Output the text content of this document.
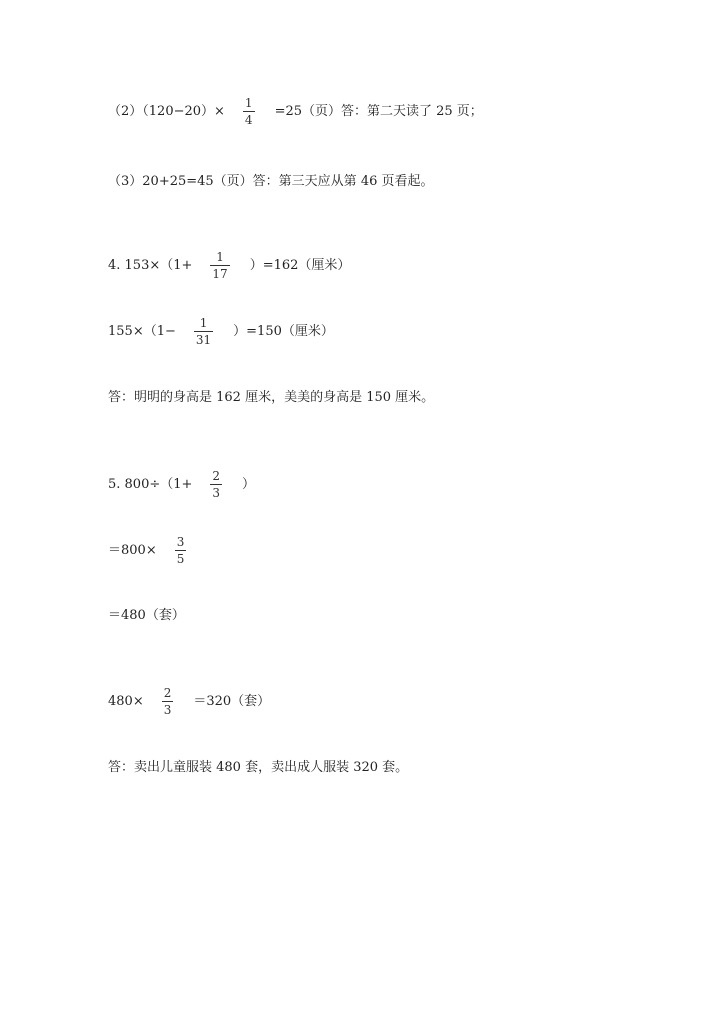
$(2)(120-20)\times \frac{1}{4} =25$（页）答：第二天读了 25 页；
（3）20+25=45（页）答：第三天应从第 46 页看起。
4. $153\times(1+ \frac{1}{17} )=162$（厘米）
$155\times(1- \frac{1}{31} )=150$（厘米）
答：明明的身高是 162 厘米，美美的身高是 150 厘米。
5. $800\div(1+ \frac{2}{3}$ ）
$=800\times \frac{3}{5}$
＝480（套）
$480\times \frac{2}{3} =320$（套）
答：卖出儿童服装 480 套，卖出成人服装 320 套。
